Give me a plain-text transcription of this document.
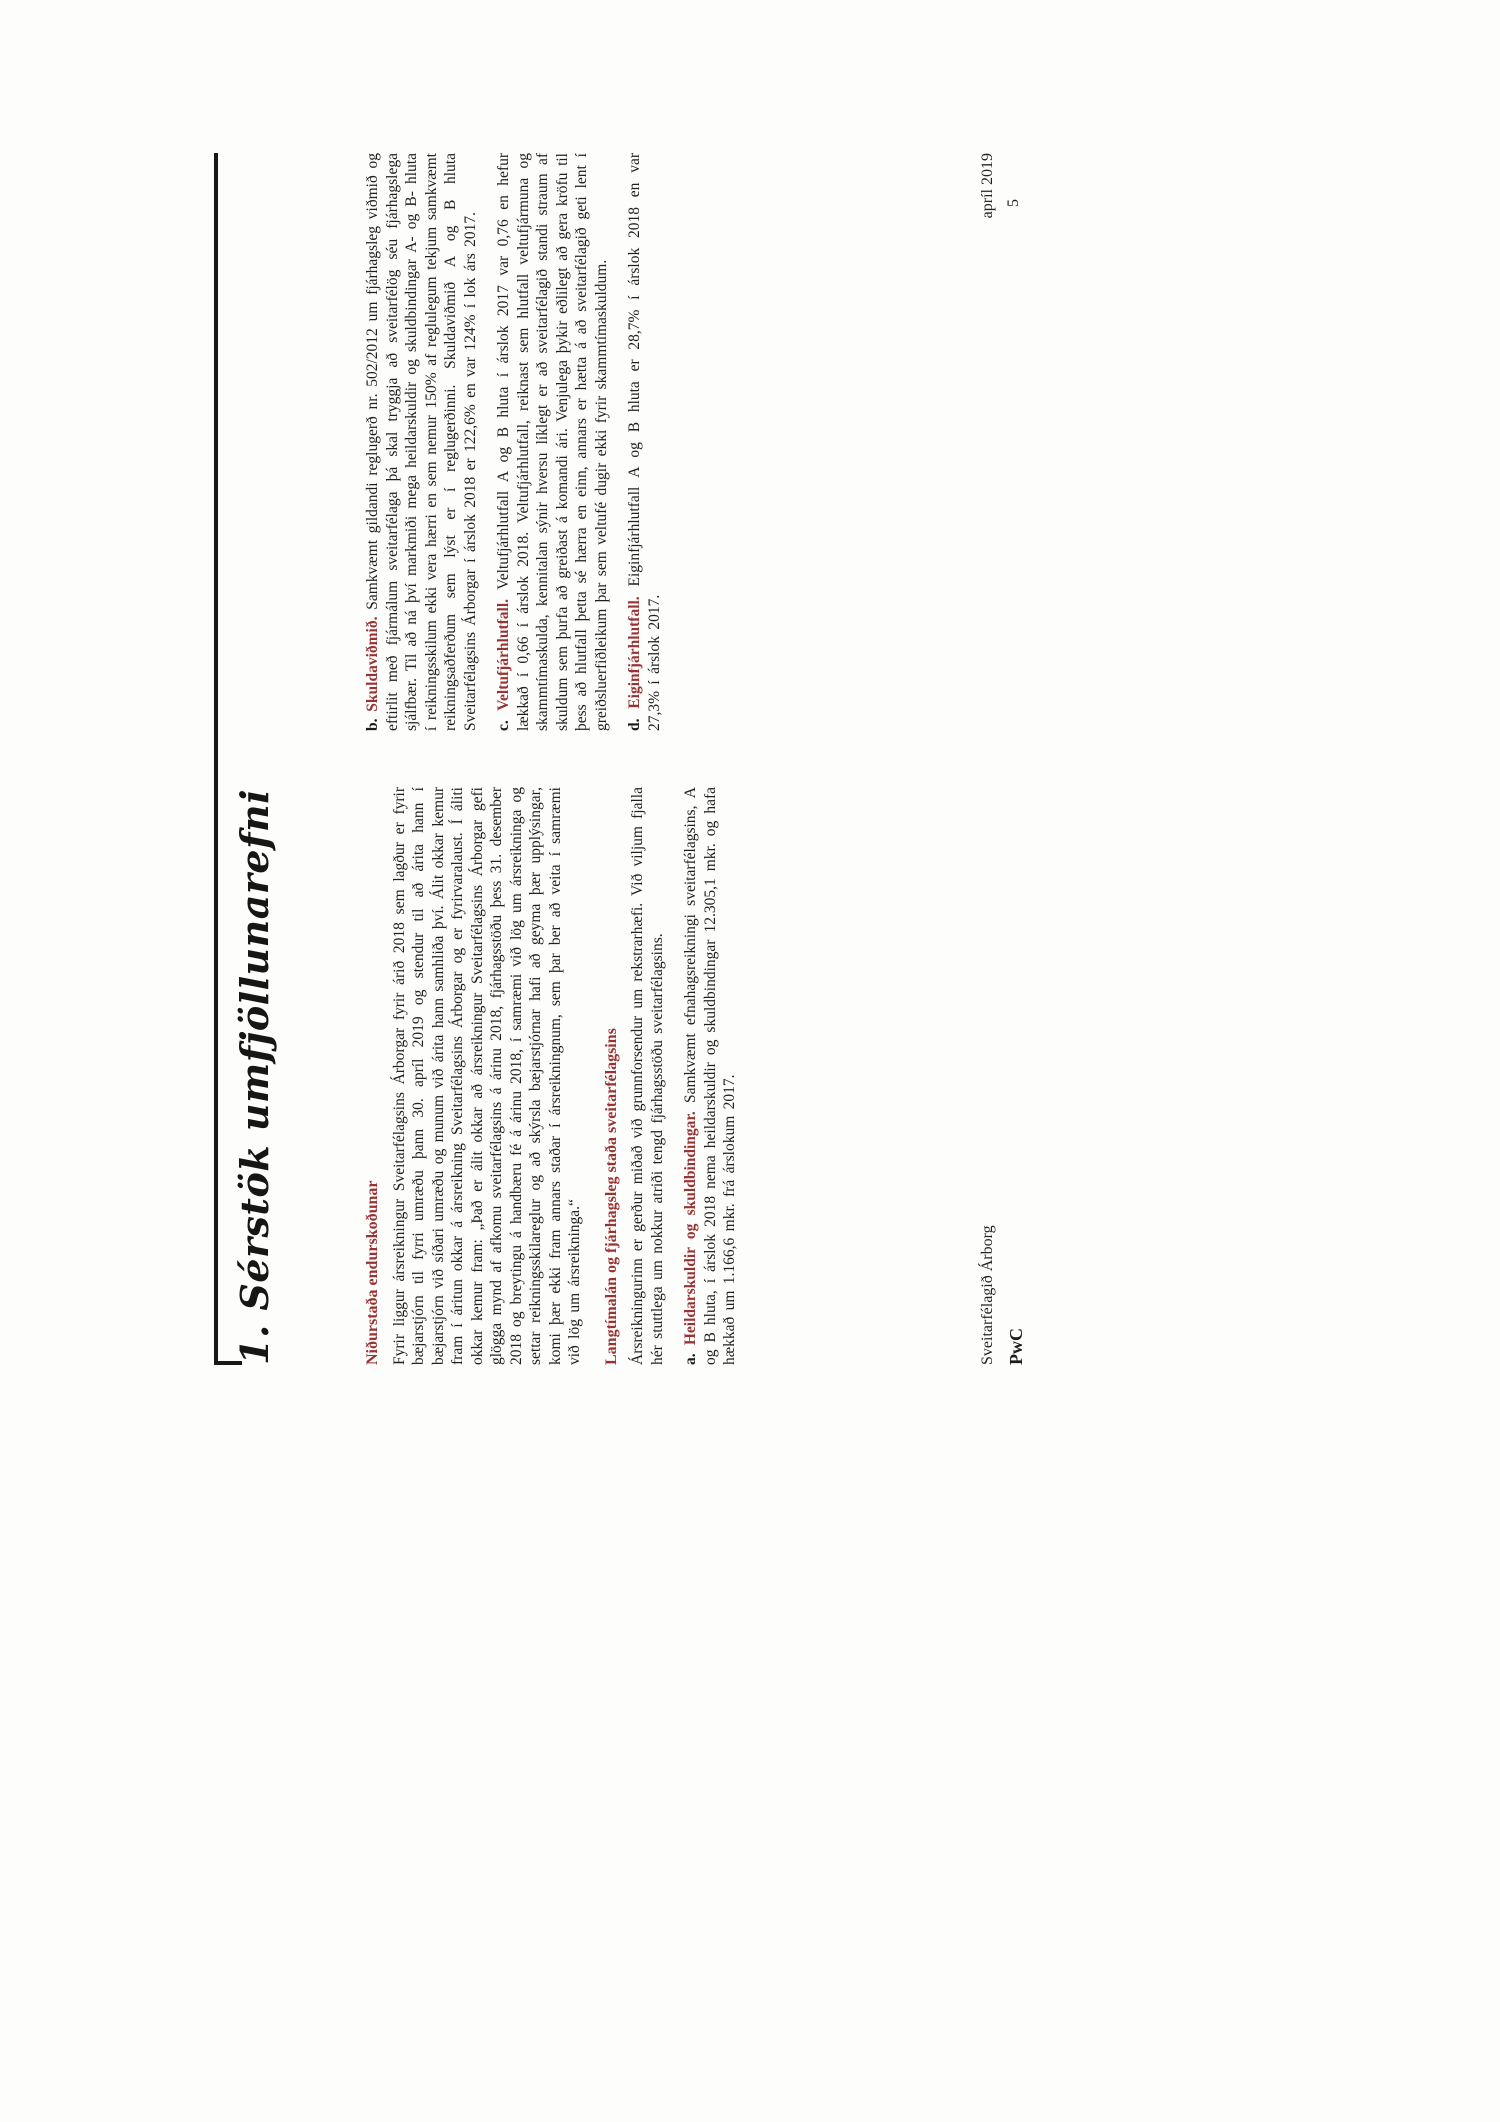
1. Sérstök umfjöllunarefni	Niðurstaða endurskoðunar Fyrir liggur ársreikningur Sveitarfélagsins Árborgar fyrir árið 2018 sem lagður er fyrir bæjarstjórn til fyrri umræðu þann 30. apríl 2019 og stendur til að árita hann í bæjarstjórn við síðari umræðu og munum við árita hann samhliða því. Álit okkar kemur fram í áritun okkar á ársreikning Sveitarfélagsins Árborgar og er fyrirvaralaust. Í áliti okkar kemur fram: „Það er álit okkar að ársreikningur Sveitarfélagsins Árborgar gefi glögga mynd af afkomu sveitarfélagsins á árinu 2018, fjárhagsstöðu þess 31. desember 2018 og breytingu á handbæru fé á árinu 2018, í samræmi við lög um ársreikninga og settar reikningsskilareglur og að skýrsla bæjarstjórnar hafi að geyma þær upplýsingar, komi þær ekki fram annars staðar í ársreikningnum, sem þar ber að veita í samræmi við lög um ársreikninga.“ Langtímalán og fjárhagsleg staða sveitarfélagsins Ársreikningurinn er gerður miðað við grunnforsendur um rekstrarhæfi. Við viljum fjalla hér stuttlega um nokkur atriði tengd fjárhagsstöðu sveitarfélagsins. a. Heildarskuldir og skuldbindingar. Samkvæmt efnahagsreikningi sveitarfélagsins, A og B hluta, í árslok 2018 nema heildarskuldir og skuldbindingar 12.305,1 mkr. og hafa hækkað um 1.166,6 mkr. frá árslokum 2017.

b. Skuldaviðmið. Samkvæmt gildandi reglugerð nr. 502/2012 um fjárhagsleg viðmið og eftirlit með fjármálum sveitarfélaga þá skal tryggja að sveitarfélög séu fjárhagslega sjálfbær. Til að ná því markmiði mega heildarskuldir og skuldbindingar A- og B- hluta í reikningsskilum ekki vera hærri en sem nemur 150% af reglulegum tekjum samkvæmt reikningsaðferðum sem lýst er í reglugerðinni. Skuldaviðmið A og B hluta Sveitarfélagsins Árborgar í árslok 2018 er 122,6% en var 124% í lok árs 2017. c. Veltufjárhlutfall. Veltufjárhlutfall A og B hluta í árslok 2017 var 0,76 en hefur lækkað í 0,66 í árslok 2018. Veltufjárhlutfall, reiknast sem hlutfall veltufjármuna og skammtímaskulda, kennitalan sýnir hversu líklegt er að sveitarfélagið standi straum af skuldum sem þurfa að greiðast á komandi ári. Venjulega þykir eðlilegt að gera kröfu til þess að hlutfall þetta sé hærra en einn, annars er hætta á að sveitarfélagið geti lent í greiðsluerfiðleikum þar sem veltufé dugir ekki fyrir skammtímaskuldum. d. Eiginfjárhlutfall. Eiginfjárhlutfall A og B hluta er 28,7% í árslok 2018 en var 27,3% í árslok 2017.

Sveitarfélagið Árborg PwC
apríl 2019 5
